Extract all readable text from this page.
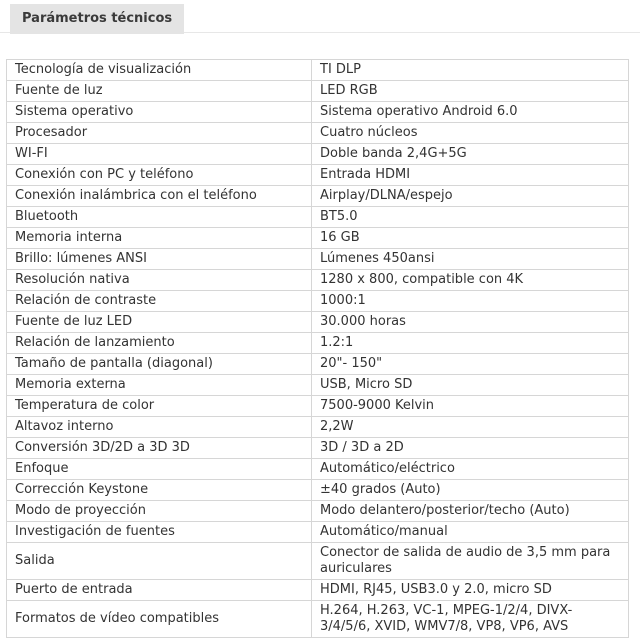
Parámetros técnicos
Tecnología de visualización	TI DLP
Fuente de luz	LED RGB
Sistema operativo	Sistema operativo Android 6.0
Procesador	Cuatro núcleos
WI-FI	Doble banda 2,4G+5G
Conexión con PC y teléfono	Entrada HDMI
Conexión inalámbrica con el teléfono	Airplay/DLNA/espejo
Bluetooth	BT5.0
Memoria interna	16 GB
Brillo: lúmenes ANSI	Lúmenes 450ansi
Resolución nativa	1280 x 800, compatible con 4K
Relación de contraste	1000:1
Fuente de luz LED	30.000 horas
Relación de lanzamiento	1.2:1
Tamaño de pantalla (diagonal)	20"- 150"
Memoria externa	USB, Micro SD
Temperatura de color	7500-9000 Kelvin
Altavoz interno	2,2W
Conversión 3D/2D a 3D 3D	3D / 3D a 2D
Enfoque	Automático/eléctrico
Corrección Keystone	±40 grados (Auto)
Modo de proyección	Modo delantero/posterior/techo (Auto)
Investigación de fuentes	Automático/manual
Salida	Conector de salida de audio de 3,5 mm para auriculares
Puerto de entrada	HDMI, RJ45, USB3.0 y 2.0, micro SD
Formatos de vídeo compatibles	H.264, H.263, VC-1, MPEG-1/2/4, DIVX-3/4/5/6, XVID, WMV7/8, VP8, VP6, AVS
